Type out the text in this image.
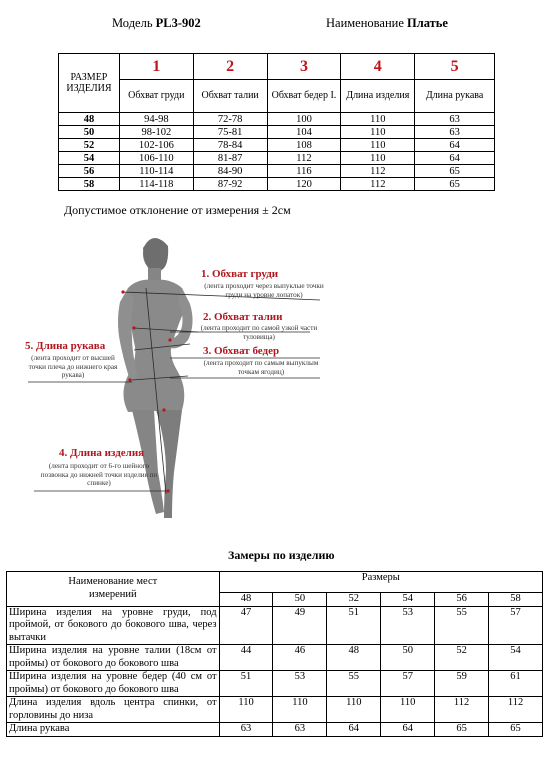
Модель PL3-902	Наименование Платье
РАЗМЕР ИЗДЕЛИЯ	1	2	3	4	5
	Обхват груди	Обхват талии	Обхват бедер I.	Длина изделия	Длина рукава
48	94-98	72-78	100	110	63
50	98-102	75-81	104	110	63
52	102-106	78-84	108	110	64
54	106-110	81-87	112	110	64
56	110-114	84-90	116	112	65
58	114-118	87-92	120	112	65
Допустимое отклонение от измерения ± 2см
1. Обхват груди
(лента проходит через выпуклые точки груди на уровне лопаток)
2. Обхват талии
(лента проходит по самой узкой части туловища)
3. Обхват бедер
(лента проходит по самым выпуклым точкам ягодиц)
5. Длина рукава
(лента проходит от высшей точки плеча до нижнего края рукава)
4. Длина изделия
(лента проходит от 6-го шейного позвонка до нижней точки изделия по спинке)
Замеры по изделию
Наименование мест измерений	Размеры					
	48	50	52	54	56	58
Ширина изделия на уровне груди, под проймой, от бокового до бокового шва, через вытачки	47	49	51	53	55	57
Ширина изделия на уровне талии (18см от проймы) от бокового до бокового шва	44	46	48	50	52	54
Ширина изделия на уровне бедер (40 см от проймы) от бокового до бокового шва	51	53	55	57	59	61
Длина изделия вдоль центра спинки, от горловины до низа	110	110	110	110	112	112
Длина рукава	63	63	64	64	65	65
